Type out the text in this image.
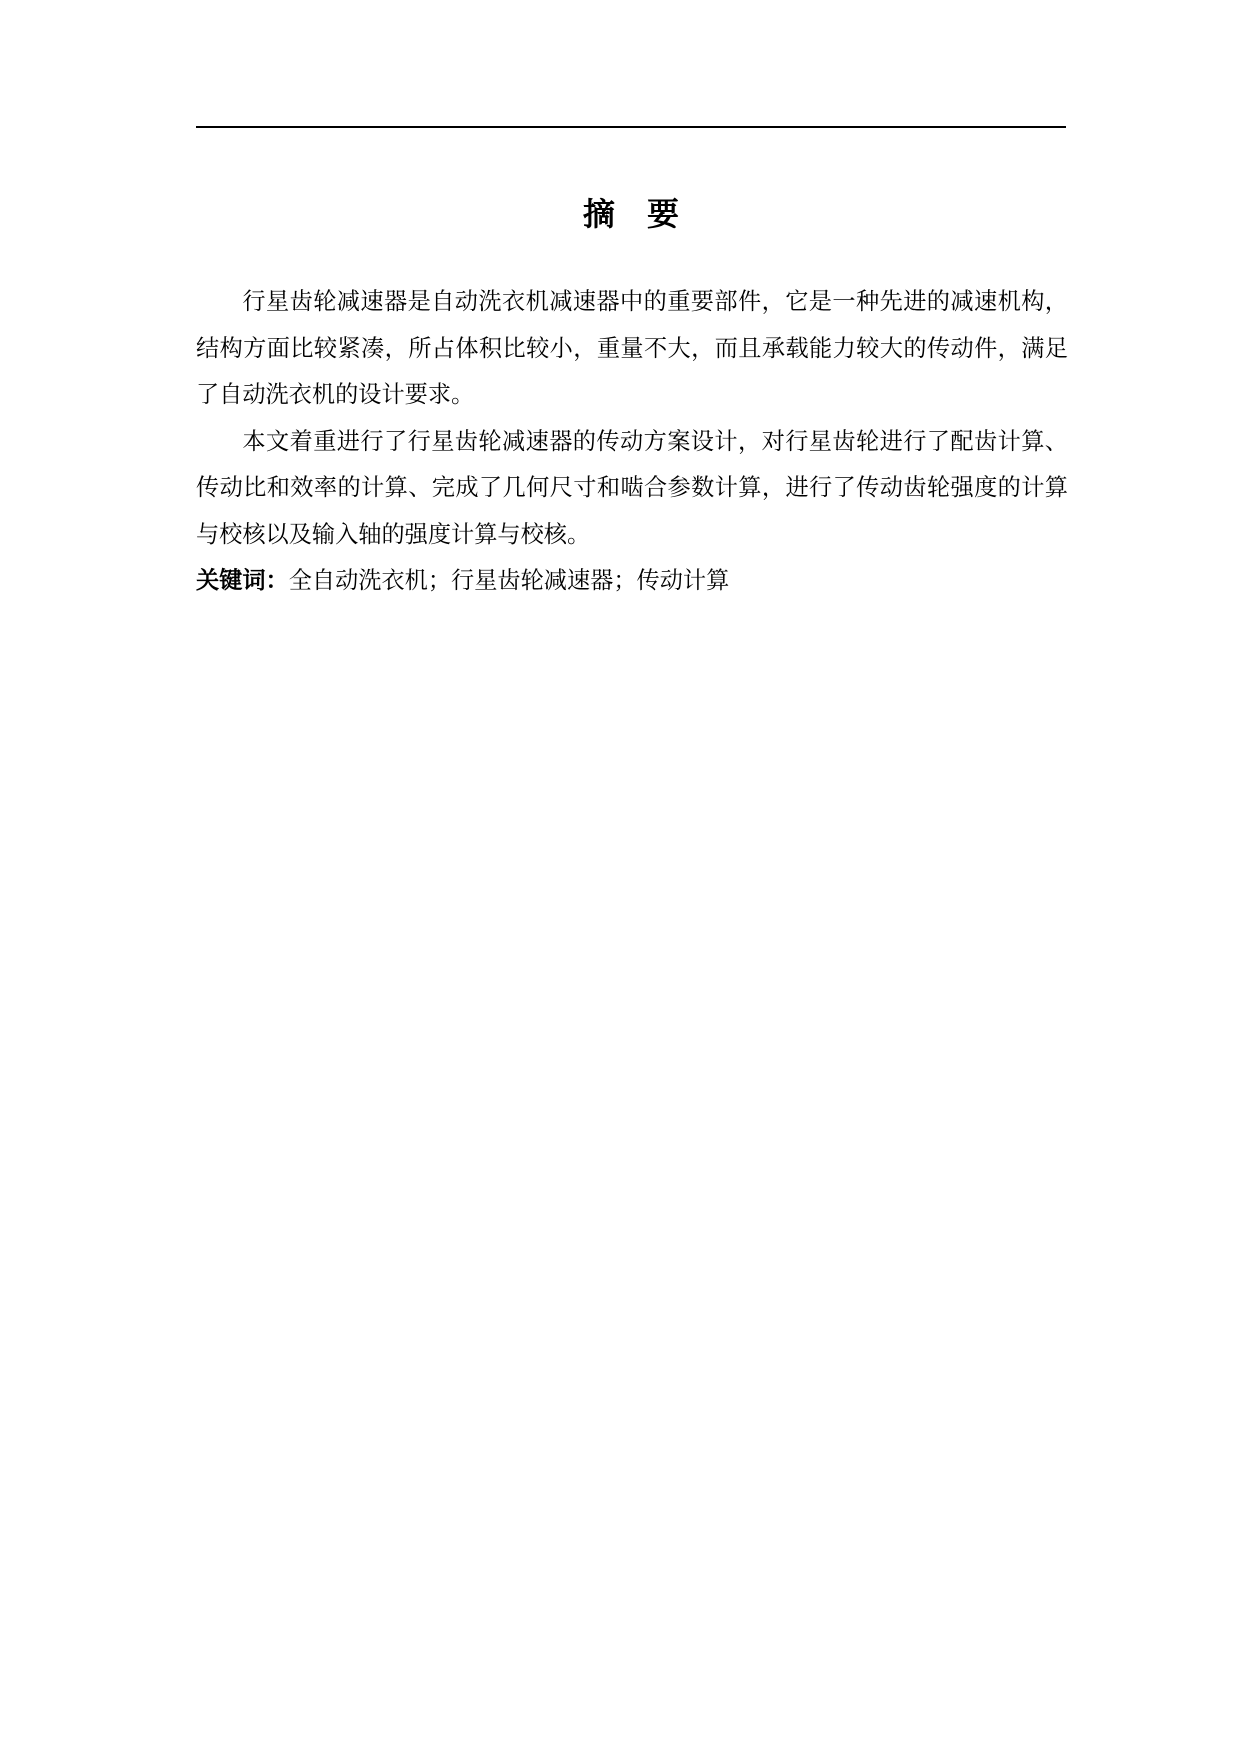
摘要

行星齿轮减速器是自动洗衣机减速器中的重要部件，它是一种先进的减速机构，结构方面比较紧凑，所占体积比较小，重量不大，而且承载能力较大的传动件，满足了自动洗衣机的设计要求。

本文着重进行了行星齿轮减速器的传动方案设计，对行星齿轮进行了配齿计算、传动比和效率的计算、完成了几何尺寸和啮合参数计算，进行了传动齿轮强度的计算与校核以及输入轴的强度计算与校核。

关键词：全自动洗衣机；行星齿轮减速器；传动计算
